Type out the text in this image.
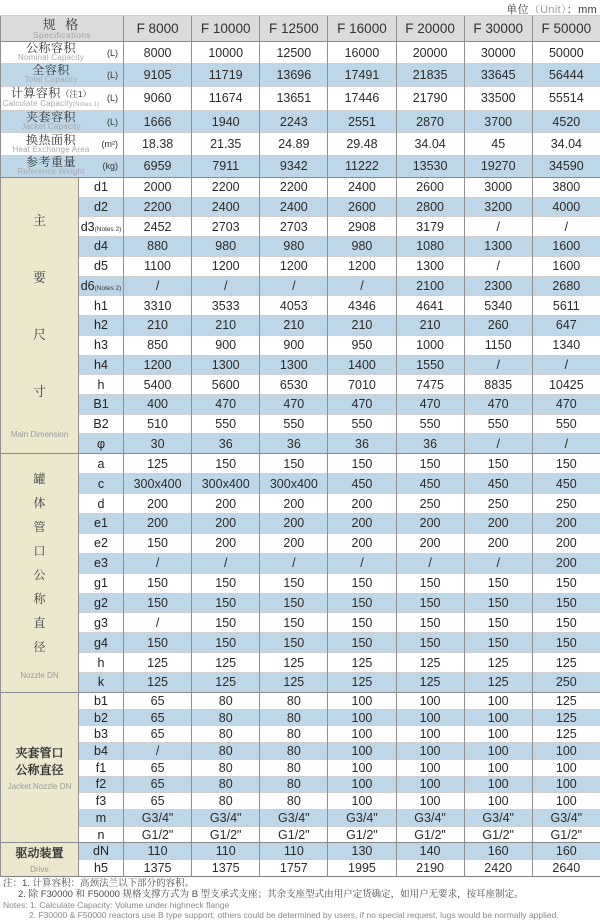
单位（Unit）：mm
规 格
Specifications		F 8000	F 10000	F 12500	F 16000	F 20000	F 30000	F 50000

公称容积
Nominal Capacity (L)		8000	10000	12500	16000	20000	30000	50000

全容积
Total Capacity (L)		9105	11719	13696	17491	21835	33645	56444

计算容积（注1）
Calculate Capacity(Notes 1)
(L)		9060	11674	13651	17446	21790	33500	55514

夹套容积
Jacket Capacity (L)		1666	1940	2243	2551	2870	3700	4520

换热面积
Heat Exchange Area (m²)		18.38	21.35	24.89	29.48	34.04	45	34.04

参考重量
Reference Weight (kg)		6959	7911	9342	11222	13530	19270	34590

主
要
尺
寸
Main Dimension	d1	2000	2200	2200	2400	2600	3000	3800
	d2	2200	2400	2400	2600	2800	3200	4000
	d3(Notes 2)	2452	2703	2703	2908	3179	/	/
	d4	880	980	980	980	1080	1300	1600
	d5	1100	1200	1200	1200	1300	/	1600
	d6(Notes 2)	/	/	/	/	2100	2300	2680
	h1	3310	3533	4053	4346	4641	5340	5611
	h2	210	210	210	210	210	260	647
	h3	850	900	900	950	1000	1150	1340
	h4	1200	1300	1300	1400	1550	/	/
	h	5400	5600	6530	7010	7475	8835	10425
	B1	400	470	470	470	470	470	470
	B2	510	550	550	550	550	550	550
	φ	30	36	36	36	36	/	/

罐
体
管
口
公
称
直
径
Nozzle DN
	a	125	150	150	150	150	150	150
	c	300x400	300x400	300x400	450	450	450	450
	d	200	200	200	200	250	250	250
	e1	200	200	200	200	200	200	200
	e2	150	200	200	200	200	200	200
	e3	/	/	/	/	/	/	200
	g1	150	150	150	150	150	150	150
	g2	150	150	150	150	150	150	150
	g3	/	150	150	150	150	150	150
	g4	150	150	150	150	150	150	150
	h	125	125	125	125	125	125	125
	k	125	125	125	125	125	125	250

夹套管口
公称直径
Jacket Nozzle DN	b1	65	80	80	100	100	100	125
	b2	65	80	80	100	100	100	125
	b3	65	80	80	100	100	100	125
	b4	/	80	80	100	100	100	100
	f1	65	80	80	100	100	100	100
	f2	65	80	80	100	100	100	100
	f3	65	80	80	100	100	100	100
	m	G3/4"	G3/4"	G3/4"	G3/4"	G3/4"	G3/4"	G3/4"
	n	G1/2"	G1/2"	G1/2"	G1/2"	G1/2"	G1/2"	G1/2"

驱动装置
Drive	dN	110	110	110	130	140	160	160
	h5	1375	1375	1757	1995	2190	2420	2640
注：1. 计算容积：高颈法兰以下部分的容积。
2. 除 F30000 和 F50000 规格支撑方式为 B 型支承式支座；其余支座型式由用户定货确定，如用户无要求，按耳座制定。
Notes: 1. Calculate Capacity: Volume under highneck flange
2. F30000 & F50000 reactors use B type support; others could be determined by users, if no special request, lugs would be normally applied.
